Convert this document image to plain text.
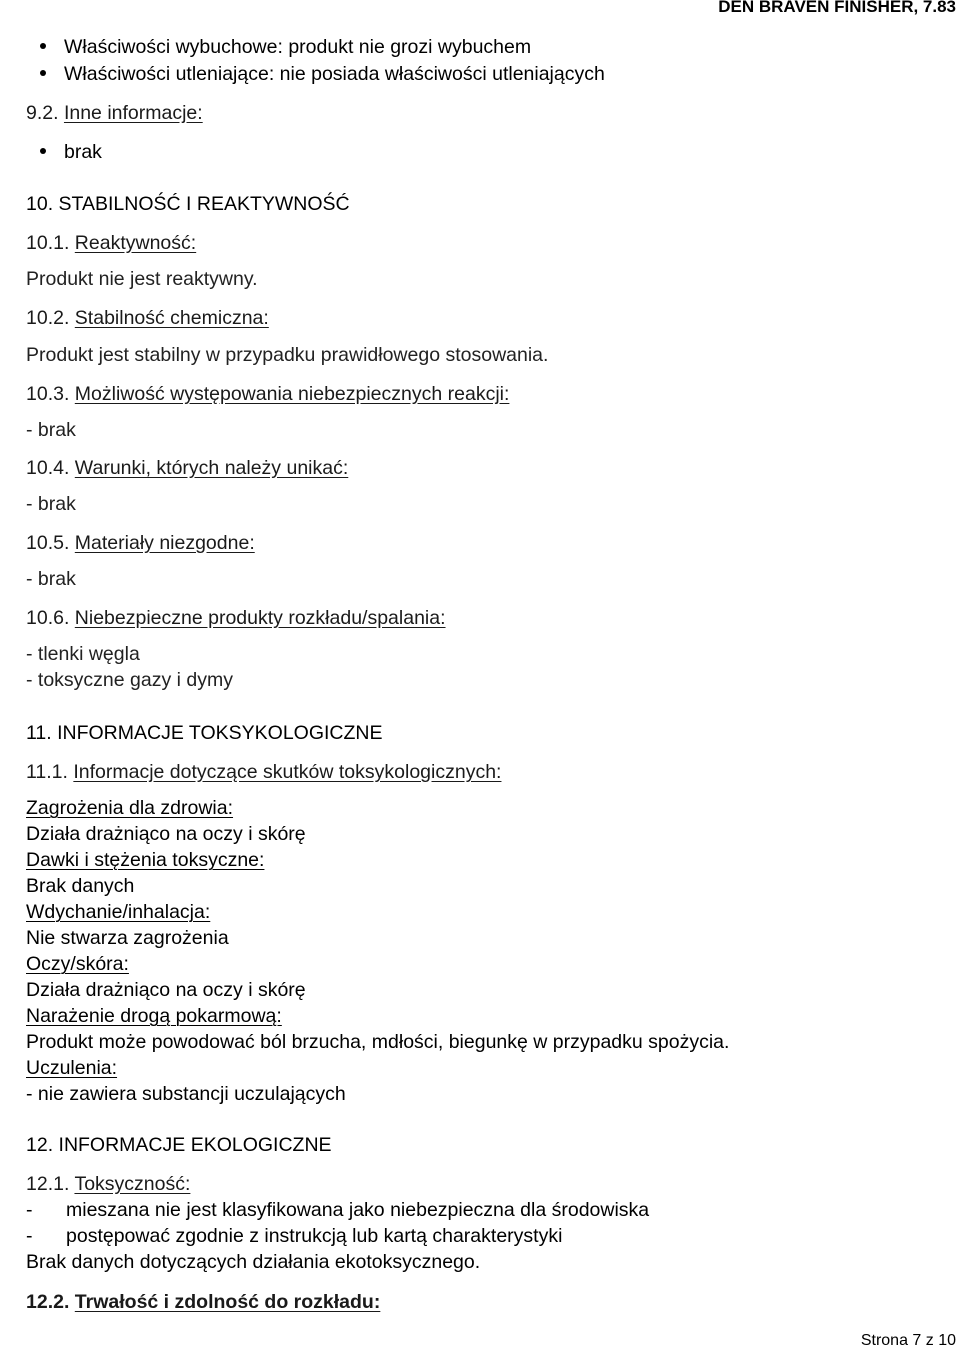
DEN BRAVEN FINISHER, 7.83
Właściwości wybuchowe: produkt nie grozi wybuchem
Właściwości utleniające: nie posiada właściwości utleniających
9.2. Inne informacje:
brak
10. STABILNOŚĆ I REAKTYWNOŚĆ
10.1. Reaktywność:
Produkt nie jest reaktywny.
10.2. Stabilność chemiczna:
Produkt jest stabilny w przypadku prawidłowego stosowania.
10.3. Możliwość występowania niebezpiecznych reakcji:
- brak
10.4. Warunki, których należy unikać:
- brak
10.5. Materiały niezgodne:
- brak
10.6. Niebezpieczne produkty rozkładu/spalania:
- tlenki węgla
- toksyczne gazy i dymy
11. INFORMACJE TOKSYKOLOGICZNE
11.1. Informacje dotyczące skutków toksykologicznych:
Zagrożenia dla zdrowia:
Działa drażniąco na oczy i skórę
Dawki i stężenia toksyczne:
Brak danych
Wdychanie/inhalacja:
Nie stwarza zagrożenia
Oczy/skóra:
Działa drażniąco na oczy i skórę
Narażenie drogą pokarmową:
Produkt może powodować ból brzucha, mdłości, biegunkę w przypadku spożycia.
Uczulenia:
- nie zawiera substancji uczulających
12. INFORMACJE EKOLOGICZNE
12.1. Toksyczność:
- mieszana nie jest klasyfikowana jako niebezpieczna dla środowiska
- postępować zgodnie z instrukcją lub kartą charakterystyki
Brak danych dotyczących działania ekotoksycznego.
12.2. Trwałość i zdolność do rozkładu:
Strona 7 z 10
